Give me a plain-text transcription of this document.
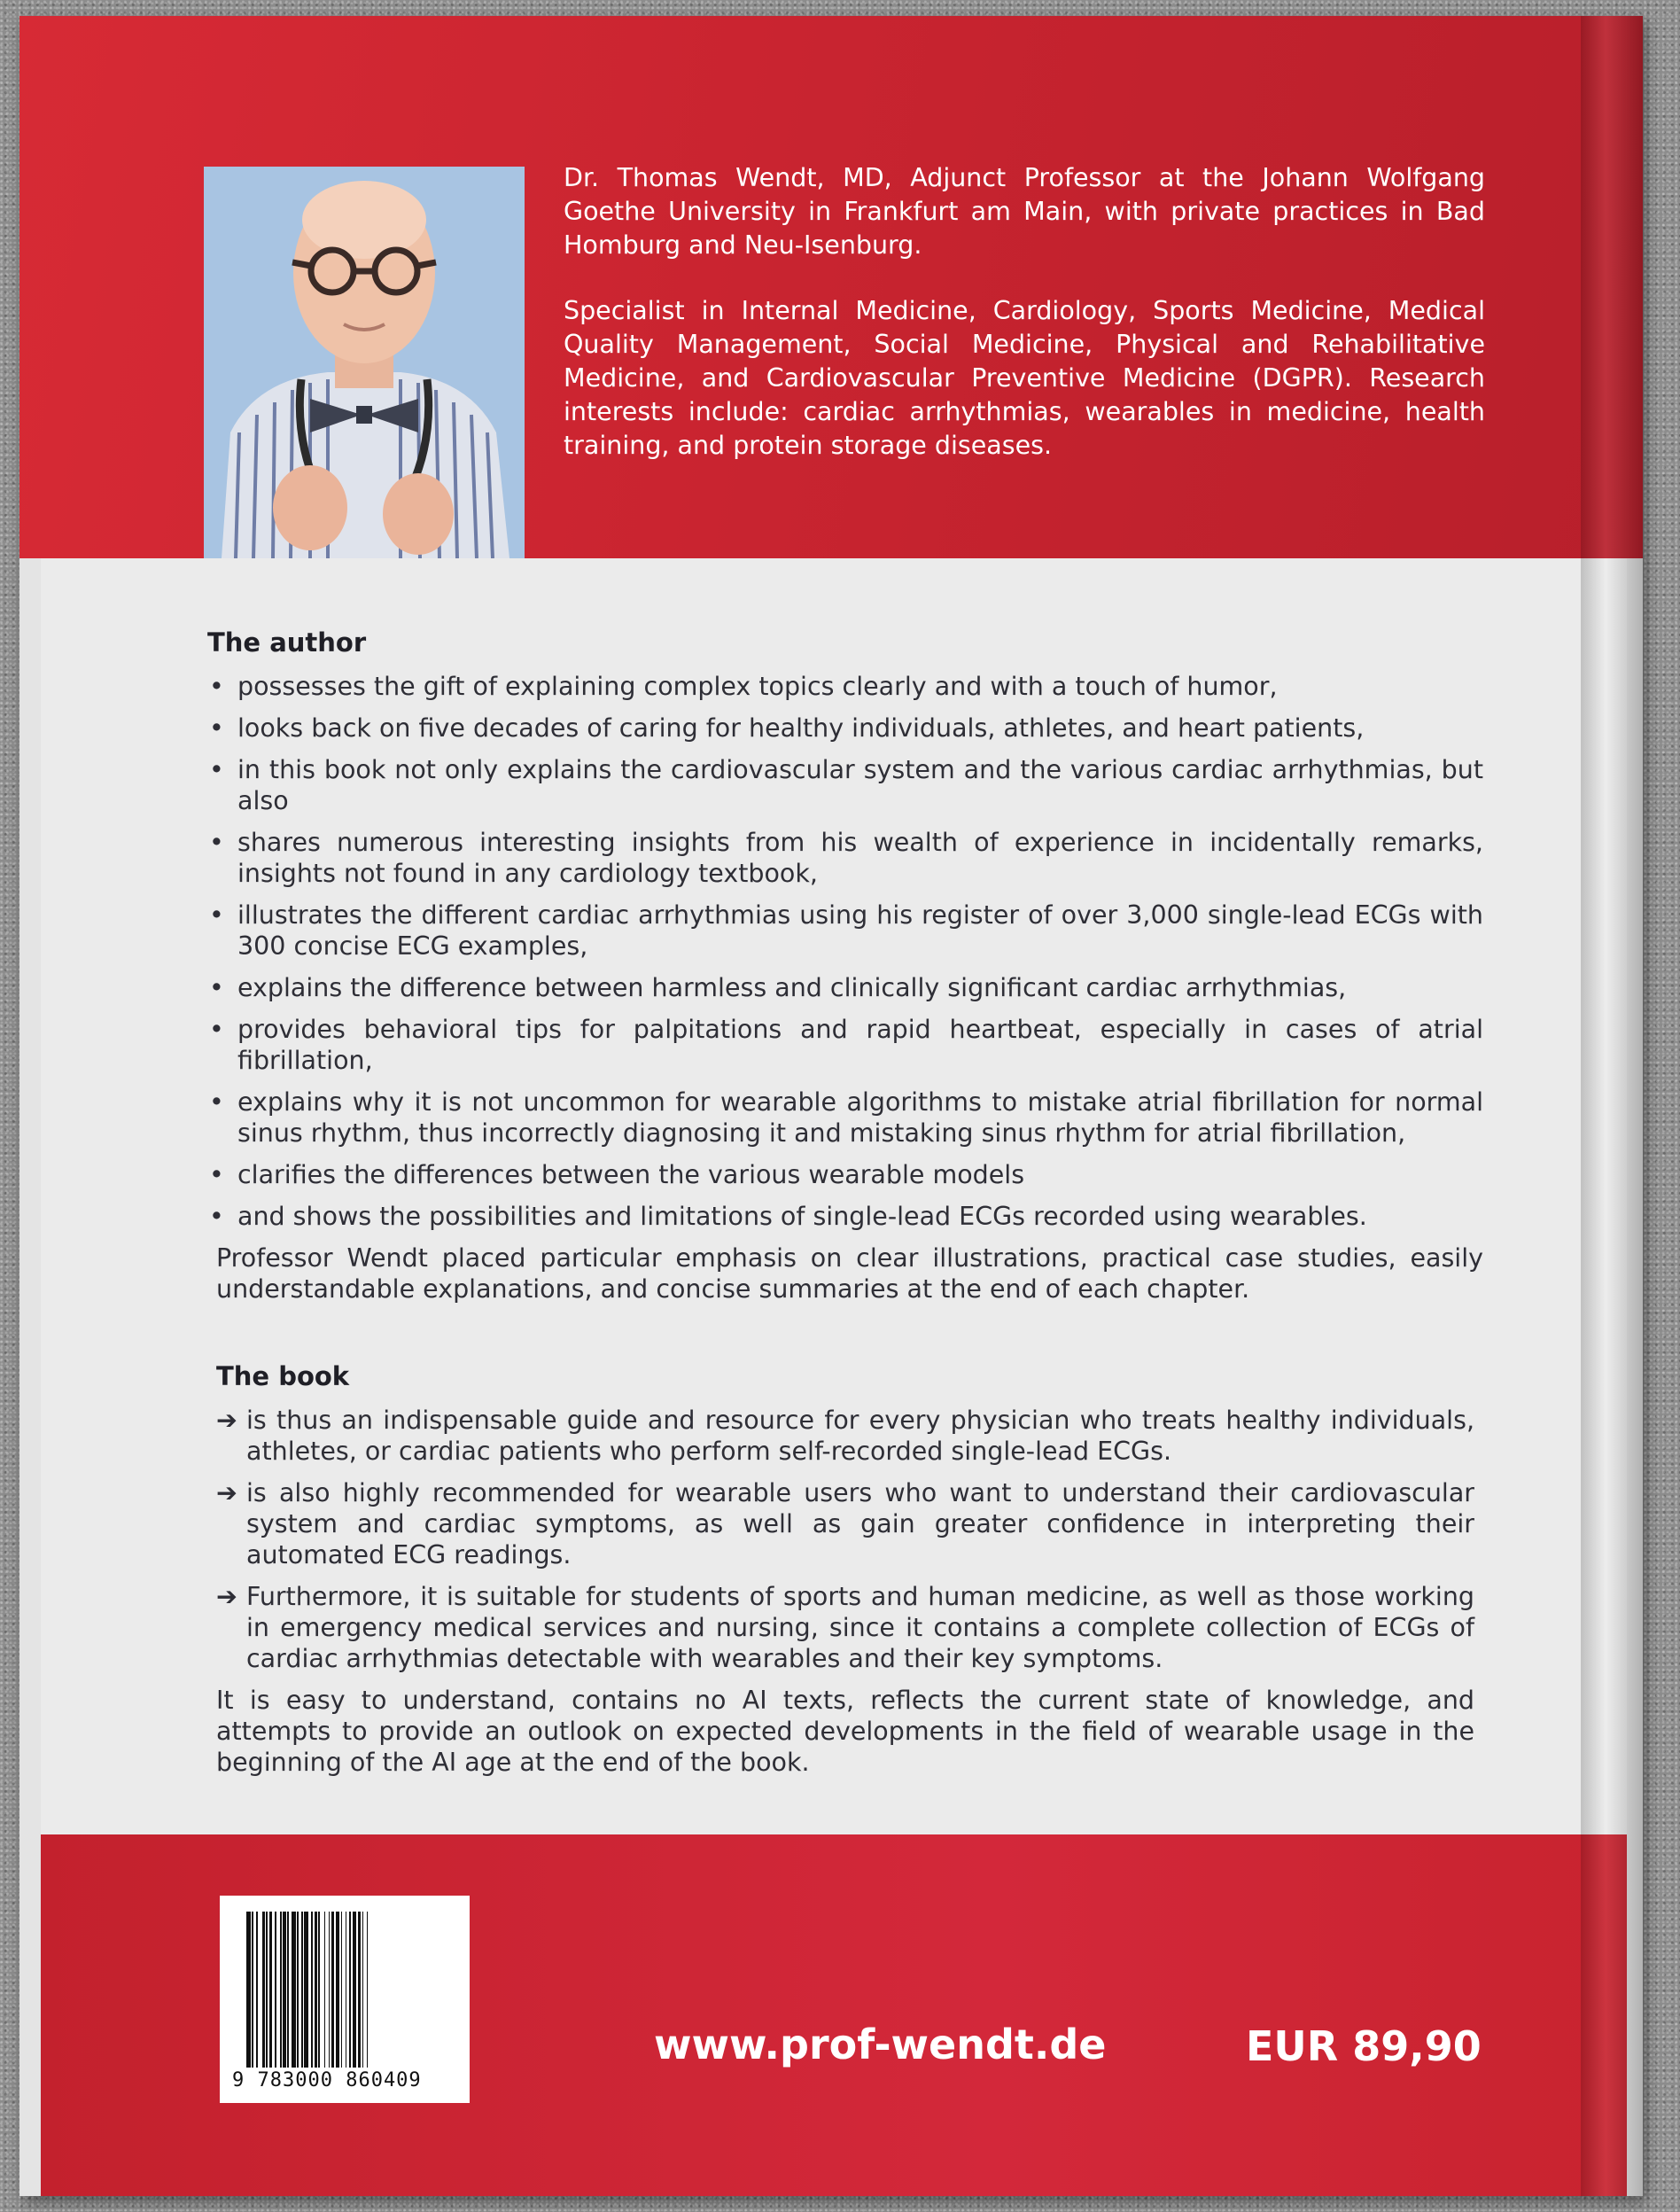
Dr. Thomas Wendt, MD, Adjunct Professor at the Johann Wolfgang Goethe University in Frankfurt am Main, with private practices in Bad Homburg and Neu-Isenburg.

Specialist in Internal Medicine, Cardiology, Sports Medicine, Medical Quality Management, Social Medicine, Physical and Rehabilitative Medicine, and Cardiovascular Preventive Medicine (DGPR). Research interests include: cardiac arrhythmias, wearables in medicine, health training, and protein storage diseases.

The author
• possesses the gift of explaining complex topics clearly and with a touch of humor,
• looks back on five decades of caring for healthy individuals, athletes, and heart patients,
• in this book not only explains the cardiovascular system and the various cardiac arrhythmias, but also
• shares numerous interesting insights from his wealth of experience in incidentally remarks, insights not found in any cardiology textbook,
• illustrates the different cardiac arrhythmias using his register of over 3,000 single-lead ECGs with 300 concise ECG examples,
• explains the difference between harmless and clinically significant cardiac arrhythmias,
• provides behavioral tips for palpitations and rapid heartbeat, especially in cases of atrial fibrillation,
• explains why it is not uncommon for wearable algorithms to mistake atrial fibrillation for normal sinus rhythm, thus incorrectly diagnosing it and mistaking sinus rhythm for atrial fibrillation,
• clarifies the differences between the various wearable models
• and shows the possibilities and limitations of single-lead ECGs recorded using wearables.

Professor Wendt placed particular emphasis on clear illustrations, practical case studies, easily understandable explanations, and concise summaries at the end of each chapter.

The book
➔ is thus an indispensable guide and resource for every physician who treats healthy individuals, athletes, or cardiac patients who perform self-recorded single-lead ECGs.
➔ is also highly recommended for wearable users who want to understand their cardiovascular system and cardiac symptoms, as well as gain greater confidence in interpreting their automated ECG readings.
➔ Furthermore, it is suitable for students of sports and human medicine, as well as those working in emergency medical services and nursing, since it contains a complete collection of ECGs of cardiac arrhythmias detectable with wearables and their key symptoms.

It is easy to understand, contains no AI texts, reflects the current state of knowledge, and attempts to provide an outlook on expected developments in the field of wearable usage in the beginning of the AI age at the end of the book.

9 783000 860409
www.prof-wendt.de	EUR 89,90
